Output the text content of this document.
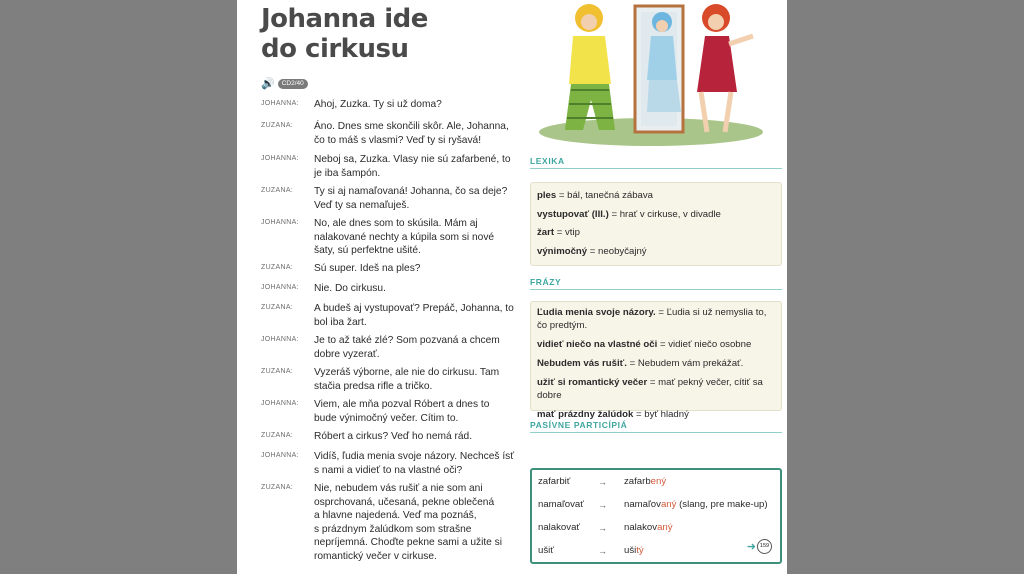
Johanna ide
do cirkusu
🔊	CD2/40
JOHANNA:	Ahoj, Zuzka. Ty si už doma?
ZUZANA:	Áno. Dnes sme skončili skôr. Ale, Johanna,
čo to máš s vlasmi? Veď ty si ryšavá!
JOHANNA:	Neboj sa, Zuzka. Vlasy nie sú zafarbené, to
je iba šampón.
ZUZANA:	Ty si aj namaľovaná! Johanna, čo sa deje?
Veď ty sa nemaľuješ.
JOHANNA:	No, ale dnes som to skúsila. Mám aj
nalakované nechty a kúpila som si nové
šaty, sú perfektne ušité.
ZUZANA:	Sú super. Ideš na ples?
JOHANNA:	Nie. Do cirkusu.
ZUZANA:	A budeš aj vystupovať? Prepáč, Johanna, to
bol iba žart.
JOHANNA:	Je to až také zlé? Som pozvaná a chcem
dobre vyzerať.
ZUZANA:	Vyzeráš výborne, ale nie do cirkusu. Tam
stačia predsa rifle a tričko.
JOHANNA:	Viem, ale mňa pozval Róbert a dnes to
bude výnimočný večer. Cítim to.
ZUZANA:	Róbert a cirkus? Veď ho nemá rád.
JOHANNA:	Vidíš, ľudia menia svoje názory. Nechceš ísť
s nami a vidieť to na vlastné oči?
ZUZANA:	Nie, nebudem vás rušiť a nie som ani
osprchovaná, učesaná, pekne oblečená
a hlavne najedená. Veď ma poznáš,
s prázdnym žalúdkom som strašne
nepríjemná. Choďte pekne sami a užite si
romantický večer v cirkuse.
LEXIKA
ples = bál, tanečná zábava
vystupovať (III.) = hrať v cirkuse, v divadle
žart = vtip
výnimočný = neobyčajný
FRÁZY
Ľudia menia svoje názory. = Ľudia si už nemyslia to,
čo predtým.
vidieť niečo na vlastné oči = vidieť niečo osobne
Nebudem vás rušiť. = Nebudem vám prekážať.
užiť si romantický večer = mať pekný večer, cítiť sa dobre
mať prázdny žalúdok = byť hladný
PASÍVNE PARTICÍPIÁ
zafarbiť	→	zafarbený
namaľovať	→	namaľovaný (slang, pre make-up)
nalakovať	→	nalakovaný
ušiť	→	ušitý	➜ 159
